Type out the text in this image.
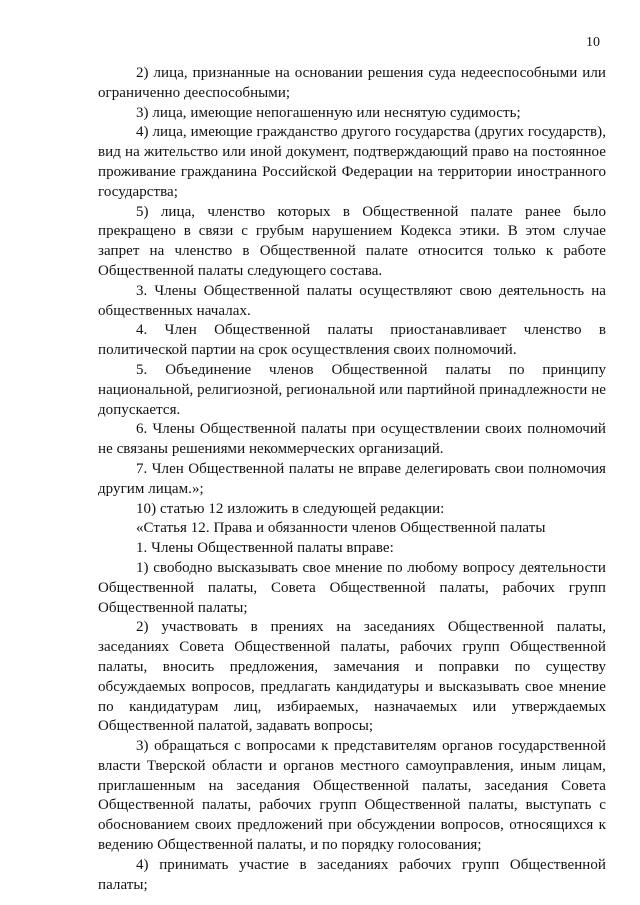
10

2) лица, признанные на основании решения суда недееспособными или ограниченно дееспособными;

3) лица, имеющие непогашенную или неснятую судимость;

4) лица, имеющие гражданство другого государства (других государств), вид на жительство или иной документ, подтверждающий право на постоянное проживание гражданина Российской Федерации на территории иностранного государства;

5) лица, членство которых в Общественной палате ранее было прекращено в связи с грубым нарушением Кодекса этики. В этом случае запрет на членство в Общественной палате относится только к работе Общественной палаты следующего состава.

3. Члены Общественной палаты осуществляют свою деятельность на общественных началах.

4. Член Общественной палаты приостанавливает членство в политической партии на срок осуществления своих полномочий.

5. Объединение членов Общественной палаты по принципу национальной, религиозной, региональной или партийной принадлежности не допускается.

6. Члены Общественной палаты при осуществлении своих полномочий не связаны решениями некоммерческих организаций.

7. Член Общественной палаты не вправе делегировать свои полномочия другим лицам.»;

10) статью 12 изложить в следующей редакции:

«Статья 12. Права и обязанности членов Общественной палаты

1. Члены Общественной палаты вправе:

1) свободно высказывать свое мнение по любому вопросу деятельности Общественной палаты, Совета Общественной палаты, рабочих групп Общественной палаты;

2) участвовать в прениях на заседаниях Общественной палаты, заседаниях Совета Общественной палаты, рабочих групп Общественной палаты, вносить предложения, замечания и поправки по существу обсуждаемых вопросов, предлагать кандидатуры и высказывать свое мнение по кандидатурам лиц, избираемых, назначаемых или утверждаемых Общественной палатой, задавать вопросы;

3) обращаться с вопросами к представителям органов государственной власти Тверской области и органов местного самоуправления, иным лицам, приглашенным на заседания Общественной палаты, заседания Совета Общественной палаты, рабочих групп Общественной палаты, выступать с обоснованием своих предложений при обсуждении вопросов, относящихся к ведению Общественной палаты, и по порядку голосования;

4) принимать участие в заседаниях рабочих групп Общественной палаты;
